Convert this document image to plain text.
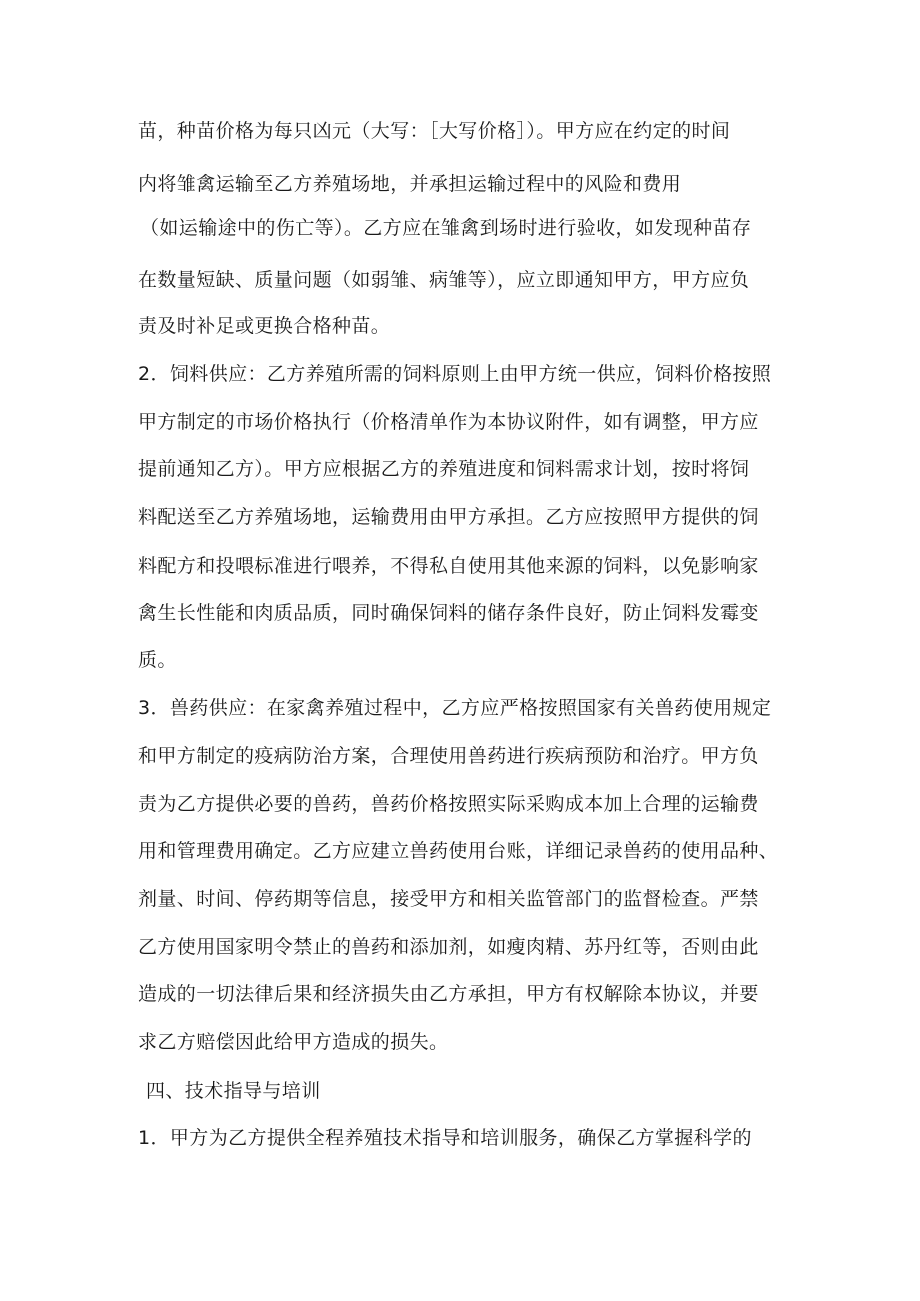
苗，种苗价格为每只凶元（大写：［大写价格］）。甲方应在约定的时间
内将雏禽运输至乙方养殖场地，并承担运输过程中的风险和费用
（如运输途中的伤亡等）。乙方应在雏禽到场时进行验收，如发现种苗存
在数量短缺、质量问题（如弱雏、病雏等），应立即通知甲方，甲方应负
责及时补足或更换合格种苗。
2．饲料供应：乙方养殖所需的饲料原则上由甲方统一供应，饲料价格按照
甲方制定的市场价格执行（价格清单作为本协议附件，如有调整，甲方应
提前通知乙方）。甲方应根据乙方的养殖进度和饲料需求计划，按时将饲
料配送至乙方养殖场地，运输费用由甲方承担。乙方应按照甲方提供的饲
料配方和投喂标准进行喂养，不得私自使用其他来源的饲料，以免影响家
禽生长性能和肉质品质，同时确保饲料的储存条件良好，防止饲料发霉变
质。
3．兽药供应：在家禽养殖过程中，乙方应严格按照国家有关兽药使用规定
和甲方制定的疫病防治方案，合理使用兽药进行疾病预防和治疗。甲方负
责为乙方提供必要的兽药，兽药价格按照实际采购成本加上合理的运输费
用和管理费用确定。乙方应建立兽药使用台账，详细记录兽药的使用品种、
剂量、时间、停药期等信息，接受甲方和相关监管部门的监督检查。严禁
乙方使用国家明令禁止的兽药和添加剂，如瘦肉精、苏丹红等，否则由此
造成的一切法律后果和经济损失由乙方承担，甲方有权解除本协议，并要
求乙方赔偿因此给甲方造成的损失。
四、技术指导与培训
1．甲方为乙方提供全程养殖技术指导和培训服务，确保乙方掌握科学的
